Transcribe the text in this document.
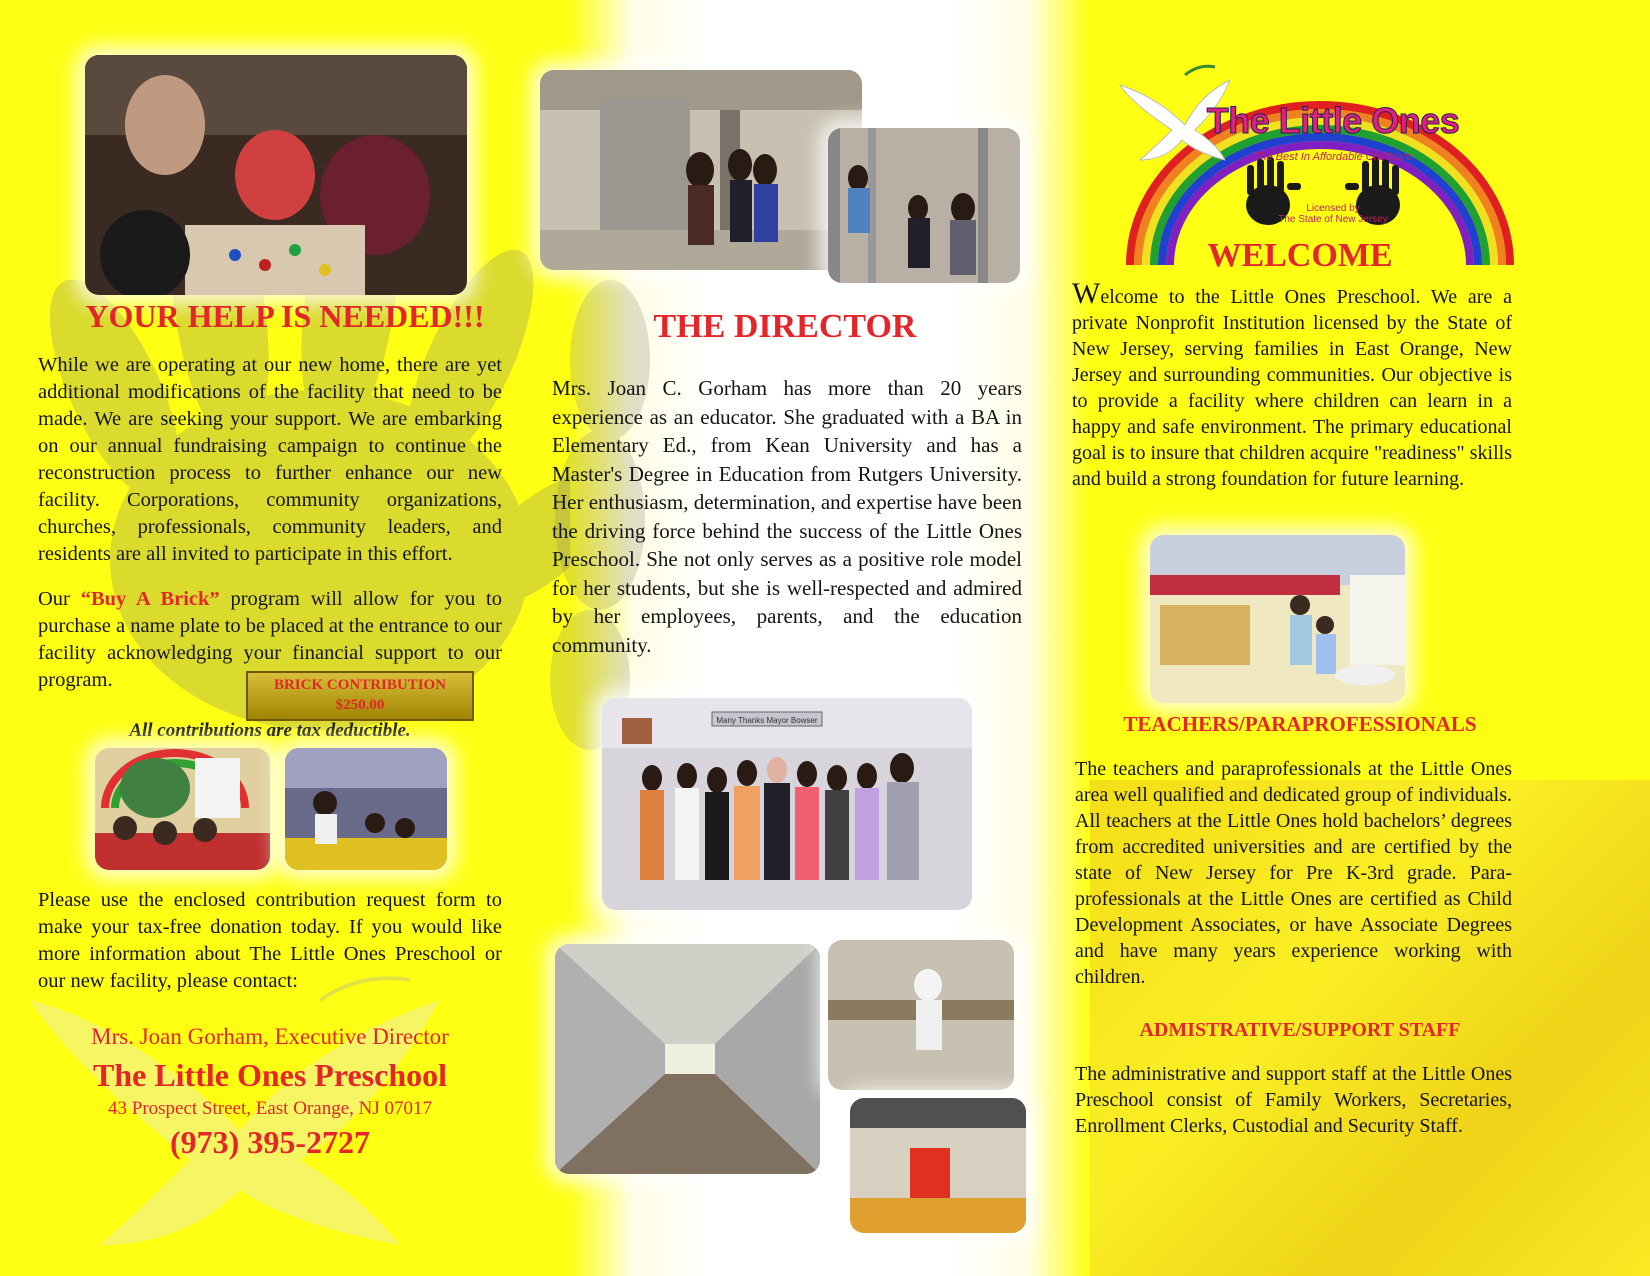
YOUR HELP IS NEEDED!!!

While we are operating at our new home, there are yet additional modifications of the facility that need to be made. We are seeking your support. We are embarking on our annual fundraising campaign to continue the reconstruction process to further enhance our new facility. Corporations, community organizations, churches, professionals, community leaders, and residents are all invited to participate in this effort.

Our “Buy A Brick” program will allow for you to purchase a name plate to be placed at the entrance to our facility acknowledging your financial support to our program.	BRICK CONTRIBUTION
$250.00

All contributions are tax deductible.

Please use the enclosed contribution request form to make your tax-free donation today. If you would like more information about The Little Ones Preschool or our new facility, please contact:

Mrs. Joan Gorham, Executive Director

The Little Ones Preschool

43 Prospect Street, East Orange, NJ 07017

(973) 395-2727

THE DIRECTOR

Mrs. Joan C. Gorham has more than 20 years experience as an educator. She graduated with a BA in Elementary Ed., from Kean University and has a Master's Degree in Education from Rutgers University. Her enthusiasm, determination, and expertise have been the driving force behind the success of the Little Ones Preschool. She not only serves as a positive role model for her students, but she is well-respected and admired by her employees, parents, and the education community.

Many Thanks Mayor Bowser
The Little Ones
The Best In Affordable Childcare
Licensed by
The State of New Jersey
WELCOME

Welcome to the Little Ones Preschool. We are a private Nonprofit Institution licensed by the State of New Jersey, serving families in East Orange, New Jersey and surrounding communities. Our objective is to provide a facility where children can learn in a happy and safe environment. The primary educational goal is to insure that children acquire "readiness" skills and build a strong foundation for future learning.

TEACHERS/PARAPROFESSIONALS

The teachers and paraprofessionals at the Little Ones area well qualified and dedicated group of individuals. All teachers at the Little Ones hold bachelors’ degrees from accredited universities and are certified by the state of New Jersey for Pre K-3rd grade. Para-professionals at the Little Ones are certified as Child Development Associates, or have Associate Degrees and have many years experience working with children.

ADMISTRATIVE/SUPPORT STAFF

The administrative and support staff at the Little Ones Preschool consist of Family Workers, Secretaries, Enrollment Clerks, Custodial and Security Staff.
